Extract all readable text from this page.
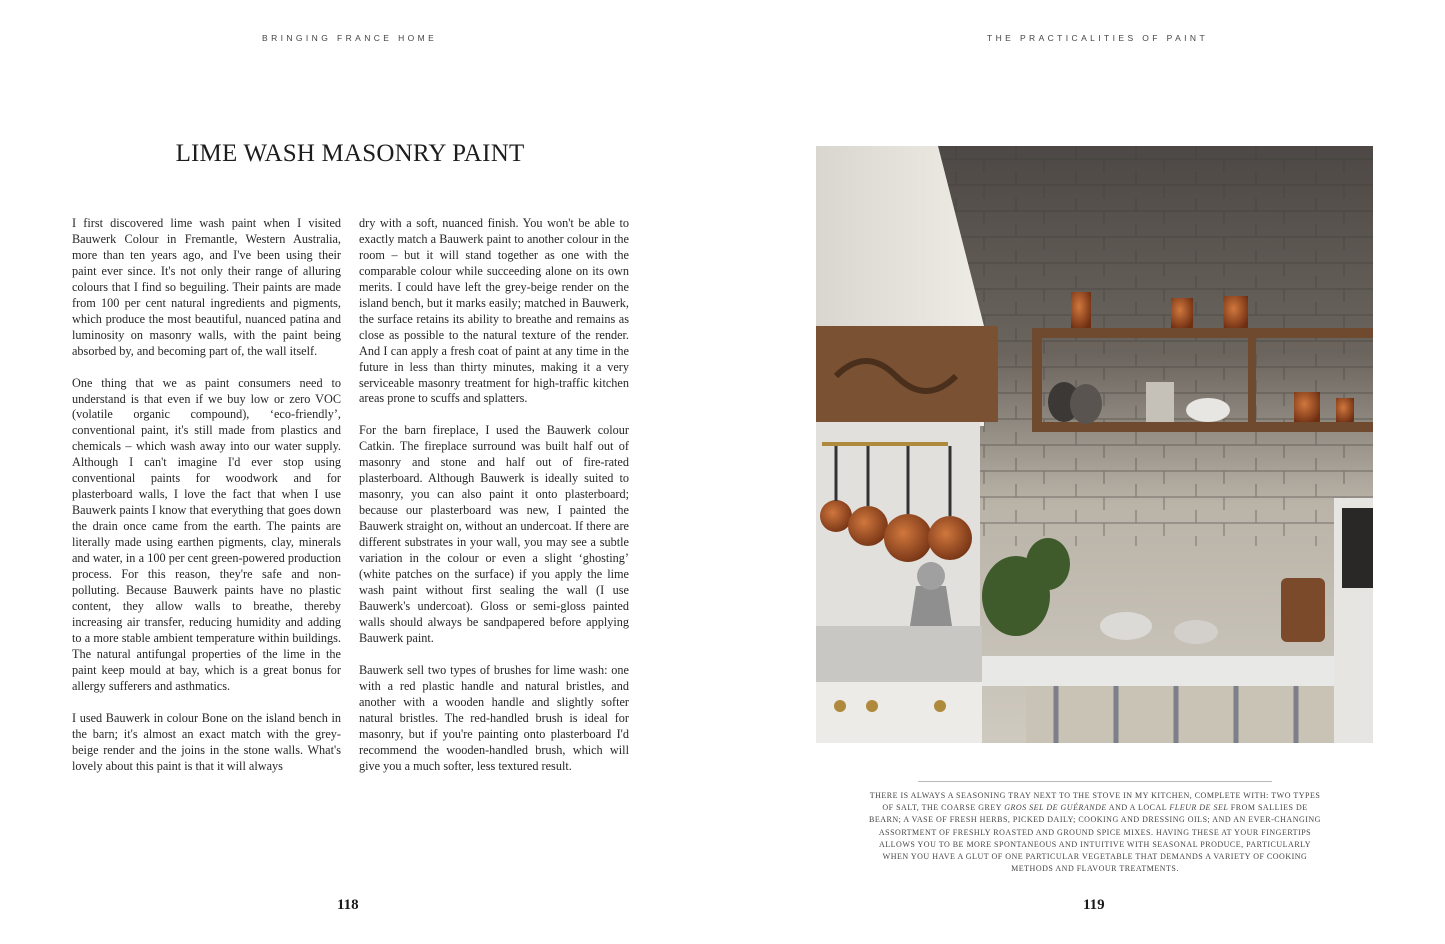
BRINGING FRANCE HOME	THE PRACTICALITIES OF PAINT
LIME WASH MASONRY PAINT

I first discovered lime wash paint when I visited Bauwerk Colour in Fremantle, Western Australia, more than ten years ago, and I've been using their paint ever since. It's not only their range of alluring colours that I find so beguiling. Their paints are made from 100 per cent natural ingredients and pigments, which produce the most beautiful, nuanced patina and luminosity on masonry walls, with the paint being absorbed by, and becoming part of, the wall itself.

One thing that we as paint consumers need to understand is that even if we buy low or zero VOC (volatile organic compound), ‘eco-friendly’, conventional paint, it's still made from plastics and chemicals – which wash away into our water supply. Although I can't imagine I'd ever stop using conventional paints for woodwork and for plasterboard walls, I love the fact that when I use Bauwerk paints I know that everything that goes down the drain once came from the earth. The paints are literally made using earthen pigments, clay, minerals and water, in a 100 per cent green-powered production process. For this reason, they're safe and non-polluting. Because Bauwerk paints have no plastic content, they allow walls to breathe, thereby increasing air transfer, reducing humidity and adding to a more stable ambient temperature within buildings. The natural antifungal properties of the lime in the paint keep mould at bay, which is a great bonus for allergy sufferers and asthmatics.

I used Bauwerk in colour Bone on the island bench in the barn; it's almost an exact match with the grey-beige render and the joins in the stone walls. What's lovely about this paint is that it will always

dry with a soft, nuanced finish. You won't be able to exactly match a Bauwerk paint to another colour in the room – but it will stand together as one with the comparable colour while succeeding alone on its own merits. I could have left the grey-beige render on the island bench, but it marks easily; matched in Bauwerk, the surface retains its ability to breathe and remains as close as possible to the natural texture of the render. And I can apply a fresh coat of paint at any time in the future in less than thirty minutes, making it a very serviceable masonry treatment for high-traffic kitchen areas prone to scuffs and splatters.

For the barn fireplace, I used the Bauwerk colour Catkin. The fireplace surround was built half out of masonry and stone and half out of fire-rated plasterboard. Although Bauwerk is ideally suited to masonry, you can also paint it onto plasterboard; because our plasterboard was new, I painted the Bauwerk straight on, without an undercoat. If there are different substrates in your wall, you may see a subtle variation in the colour or even a slight ‘ghosting’ (white patches on the surface) if you apply the lime wash paint without first sealing the wall (I use Bauwerk's undercoat). Gloss or semi-gloss painted walls should always be sandpapered before applying Bauwerk paint.

Bauwerk sell two types of brushes for lime wash: one with a red plastic handle and natural bristles, and another with a wooden handle and slightly softer natural bristles. The red-handled brush is ideal for masonry, but if you're painting onto plasterboard I'd recommend the wooden-handled brush, which will give you a much softer, less textured result.

THERE IS ALWAYS A SEASONING TRAY NEXT TO THE STOVE IN MY KITCHEN, COMPLETE WITH: TWO TYPES OF SALT, THE COARSE GREY GROS SEL DE GUÉRANDE AND A LOCAL FLEUR DE SEL FROM SALLIES DE BEARN; A VASE OF FRESH HERBS, PICKED DAILY; COOKING AND DRESSING OILS; AND AN EVER-CHANGING ASSORTMENT OF FRESHLY ROASTED AND GROUND SPICE MIXES. HAVING THESE AT YOUR FINGERTIPS ALLOWS YOU TO BE MORE SPONTANEOUS AND INTUITIVE WITH SEASONAL PRODUCE, PARTICULARLY WHEN YOU HAVE A GLUT OF ONE PARTICULAR VEGETABLE THAT DEMANDS A VARIETY OF COOKING METHODS AND FLAVOUR TREATMENTS.
118	119
